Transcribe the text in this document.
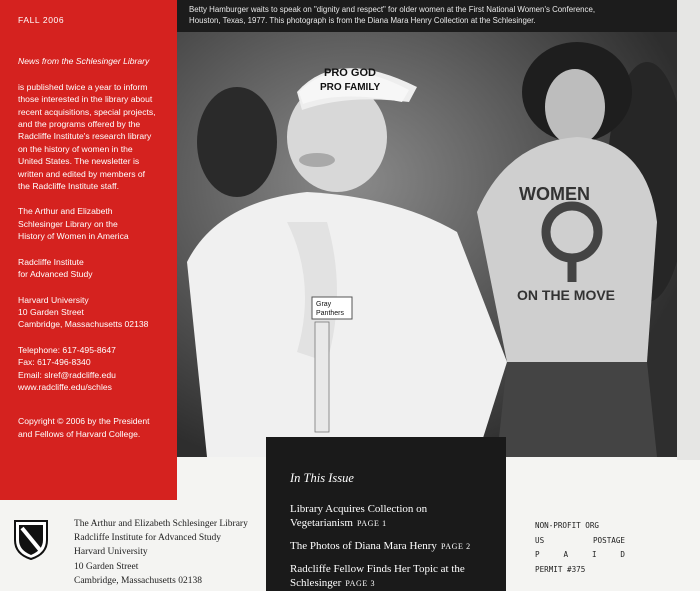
FALL 2006

News from the Schlesinger Library

is published twice a year to inform
those interested in the library about
recent acquisitions, special projects,
and the programs offered by the
Radcliffe Institute's research library
on the history of women in the
United States. The newsletter is
written and edited by members of
the Radcliffe Institute staff.

The Arthur and Elizabeth
Schlesinger Library on the
History of Women in America

Radcliffe Institute
for Advanced Study

Harvard University
10 Garden Street
Cambridge, Massachusetts 02138

Telephone: 617-495-8647
Fax: 617-496-8340
Email: slref@radcliffe.edu
www.radcliffe.edu/schles

Copyright © 2006 by the President
and Fellows of Harvard College.

Betty Hamburger waits to speak on "dignity and respect" for older women at the First National Women's Conference,
Houston, Texas, 1977. This photograph is from the Diana Mara Henry Collection at the Schlesinger.
WOMEN
ON THE MOVE
PRO GOD
PRO FAMILY
Gray
Panthers
In This Issue
Library Acquires Collection on
Vegetarianism PAGE 1
The Photos of Diana Mara Henry PAGE 2
Radcliffe Fellow Finds Her Topic at the
Schlesinger PAGE 3
The Arthur and Elizabeth Schlesinger Library
Radcliffe Institute for Advanced Study
Harvard University
10 Garden Street
Cambridge, Massachusetts 02138
NON-PROFIT ORG
US	POSTAGE
P	A	I	D
PERMIT #375
